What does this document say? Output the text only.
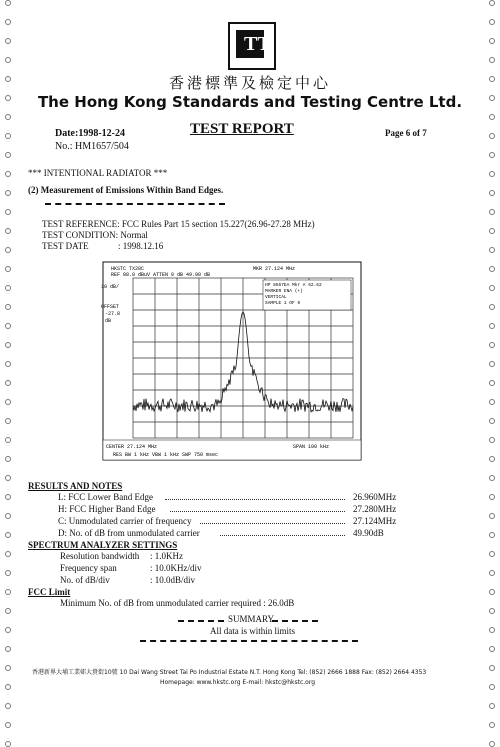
TT
香港標準及檢定中心
The Hong Kong Standards and Testing Centre Ltd.
Date:1998-12-24	TEST REPORT	Page 6 of 7
No.: HM1657/504
*** INTENTIONAL RADIATOR ***
(2) Measurement of Emissions Within Band Edges.
TEST REFERENCE: FCC Rules Part 15 section 15.227(26.96-27.28 MHz)
TEST CONDITION: Normal
TEST DATE	: 1998.12.16
HKSTC TX28C	MKR 27.124 MHz
REF 88.0 dBuV ATTEN 0 dB 49.90 dB
10 dB/
OFFSET
-27.8
dB
HP 8567EA Mkr A 62.62
MARKER ENA (+)
VERTICAL
SAMPLE 1 OF 9
CENTER 27.124 MHz	SPAN 100 kHz
RES BW 1 kHz VBW 1 kHz SWP 750 msec
RESULTS AND NOTES
L: FCC Lower Band Edge	26.960MHz
H: FCC Higher Band Edge	27.280MHz
C: Unmodulated carrier of frequency	27.124MHz
D: No. of dB from unmodulated carrier	49.90dB
SPECTRUM ANALYZER SETTINGS
Resolution bandwidth : 1.0KHz
Frequency span	: 10.0KHz/div
No. of dB/div	: 10.0dB/div
FCC Limit
Minimum No. of dB from unmodulated carrier required : 26.0dB
SUMMARY
All data is within limits
香港新界大埔工業邨大貴街10號 10 Dai Wang Street Tai Po Industrial Estate N.T. Hong Kong Tel: (852) 2666 1888 Fax: (852) 2664 4353
Homepage: www.hkstc.org E-mail: hkstc@hkstc.org
